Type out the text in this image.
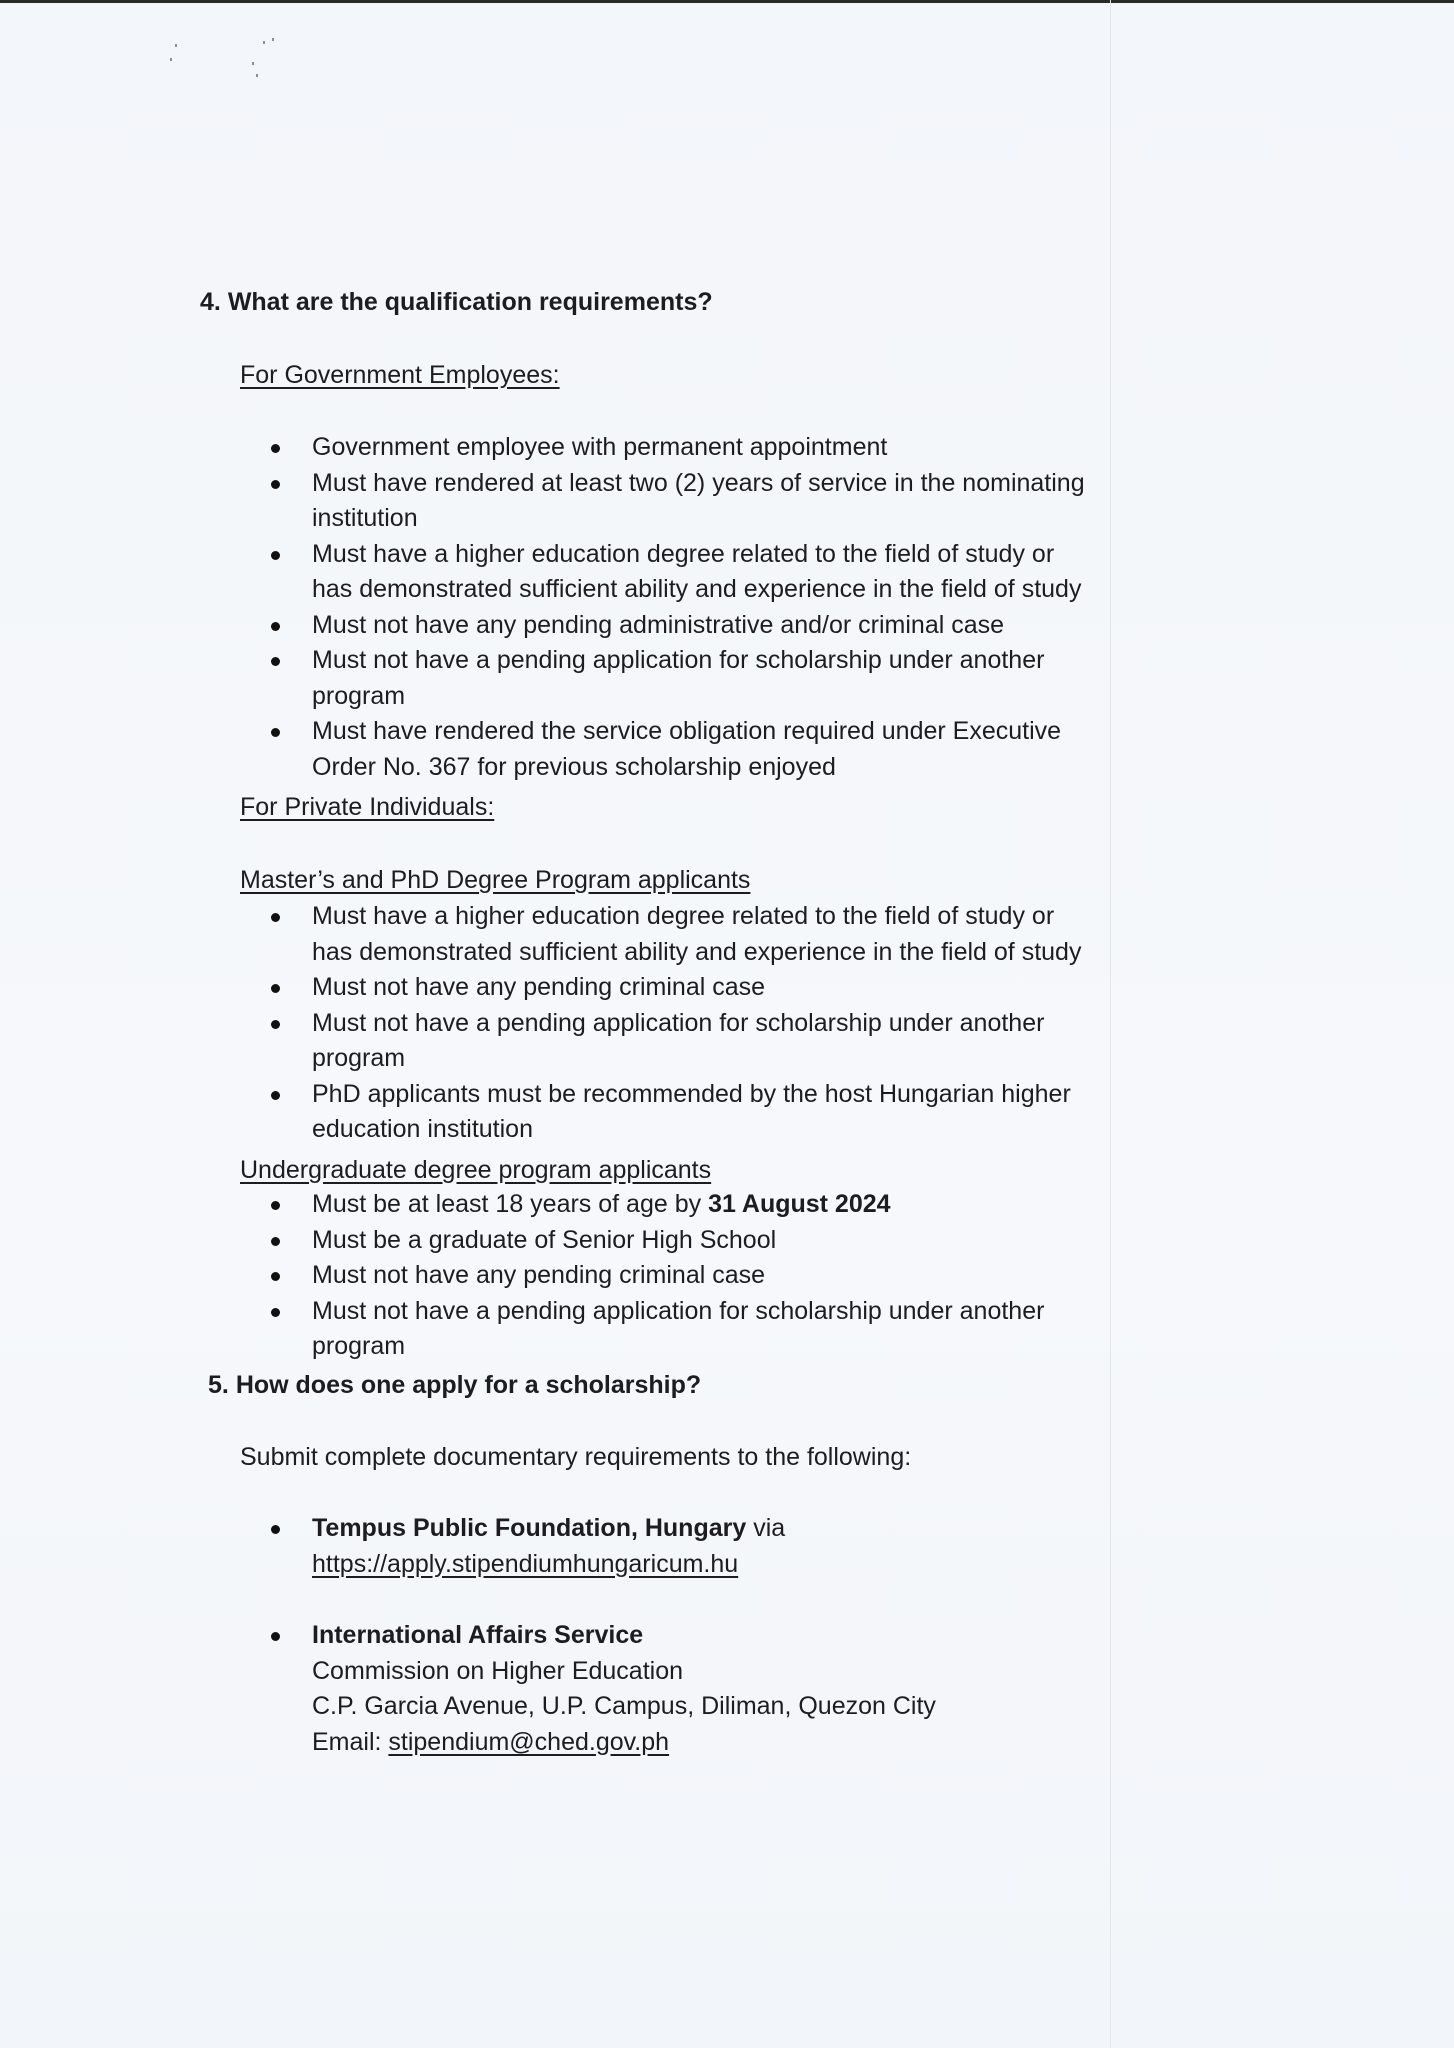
4. What are the qualification requirements?

For Government Employees:

Government employee with permanent appointment
Must have rendered at least two (2) years of service in the nominating institution
Must have a higher education degree related to the field of study or has demonstrated sufficient ability and experience in the field of study
Must not have any pending administrative and/or criminal case
Must not have a pending application for scholarship under another program
Must have rendered the service obligation required under Executive Order No. 367 for previous scholarship enjoyed

For Private Individuals:

Master’s and PhD Degree Program applicants

Must have a higher education degree related to the field of study or has demonstrated sufficient ability and experience in the field of study
Must not have any pending criminal case
Must not have a pending application for scholarship under another program
PhD applicants must be recommended by the host Hungarian higher education institution

Undergraduate degree program applicants

Must be at least 18 years of age by 31 August 2024
Must be a graduate of Senior High School
Must not have any pending criminal case
Must not have a pending application for scholarship under another program
5. How does one apply for a scholarship?

Submit complete documentary requirements to the following:

Tempus Public Foundation, Hungary via
https://apply.stipendiumhungaricum.hu
International Affairs Service
Commission on Higher Education
C.P. Garcia Avenue, U.P. Campus, Diliman, Quezon City
Email: stipendium@ched.gov.ph
